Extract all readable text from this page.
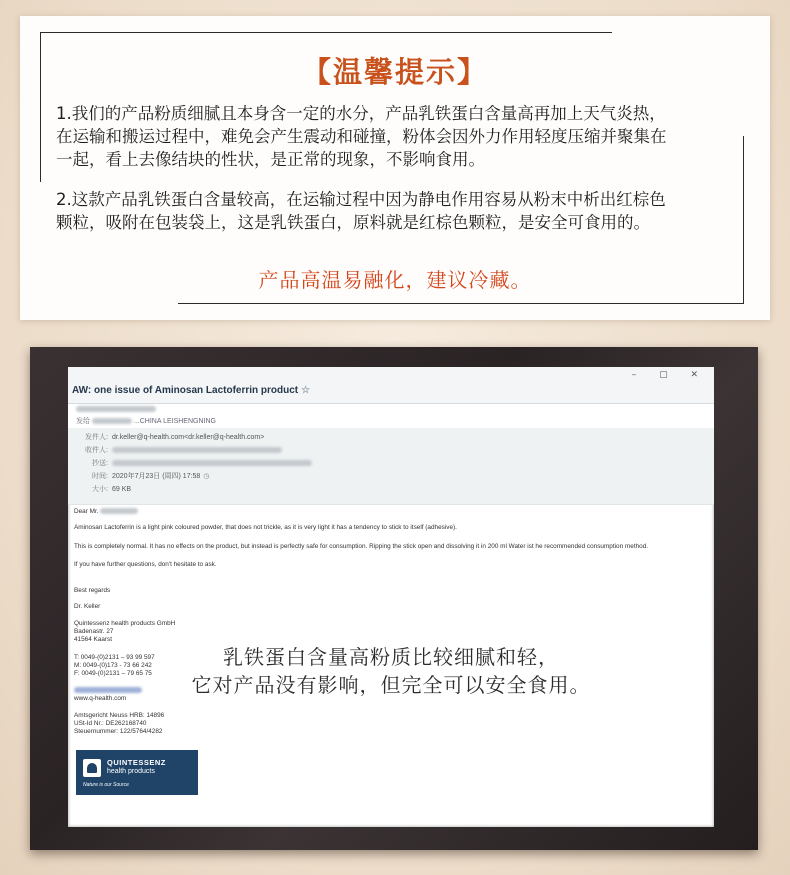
【温馨提示】
1.我们的产品粉质细腻且本身含一定的水分，产品乳铁蛋白含量高再加上天气炎热，
在运输和搬运过程中，难免会产生震动和碰撞，粉体会因外力作用轻度压缩并聚集在
一起，看上去像结块的性状，是正常的现象，不影响食用。
2.这款产品乳铁蛋白含量较高，在运输过程中因为静电作用容易从粉末中析出红棕色
颗粒，吸附在包装袋上，这是乳铁蛋白，原料就是红棕色颗粒，是安全可食用的。
产品高温易融化，建议冷藏。
– ▢ ✕
AW: one issue of Aminosan Lactoferrin product ☆
发给	...CHINA LEISHENGNING
发件人: dr.keller@q-health.com<dr.keller@q-health.com>
收件人:
抄送:
时间: 2020年7月23日 (周四) 17:58 ◷
大小: 69 KB
Dear Mr.
Aminosan Lactoferrin is a light pink coloured powder, that does not trickle, as it is very light it has a tendency to stick to itself (adhesive).
This is completely normal. It has no effects on the product, but instead is perfectly safe for consumption. Ripping the stick open and dissolving it in 200 ml Water ist he recommended consumption method.
If you have further questions, don't hesitate to ask.
Best regards
Dr. Keller
Quintessenz health products GmbH
Badenastr. 27
41564 Kaarst
T: 0049-(0)2131 – 93 99 597
M: 0049-(0)173 - 73 66 242
F: 0049-(0)2131 – 79 65 75
www.q-health.com
Amtsgericht Neuss HRB: 14896
USt-Id Nr.: DE262168740
Steuernummer: 122/5764/4282
乳铁蛋白含量高粉质比较细腻和轻，
它对产品没有影响，但完全可以安全食用。
QUINTESSENZ
health products
Nature is our Source
